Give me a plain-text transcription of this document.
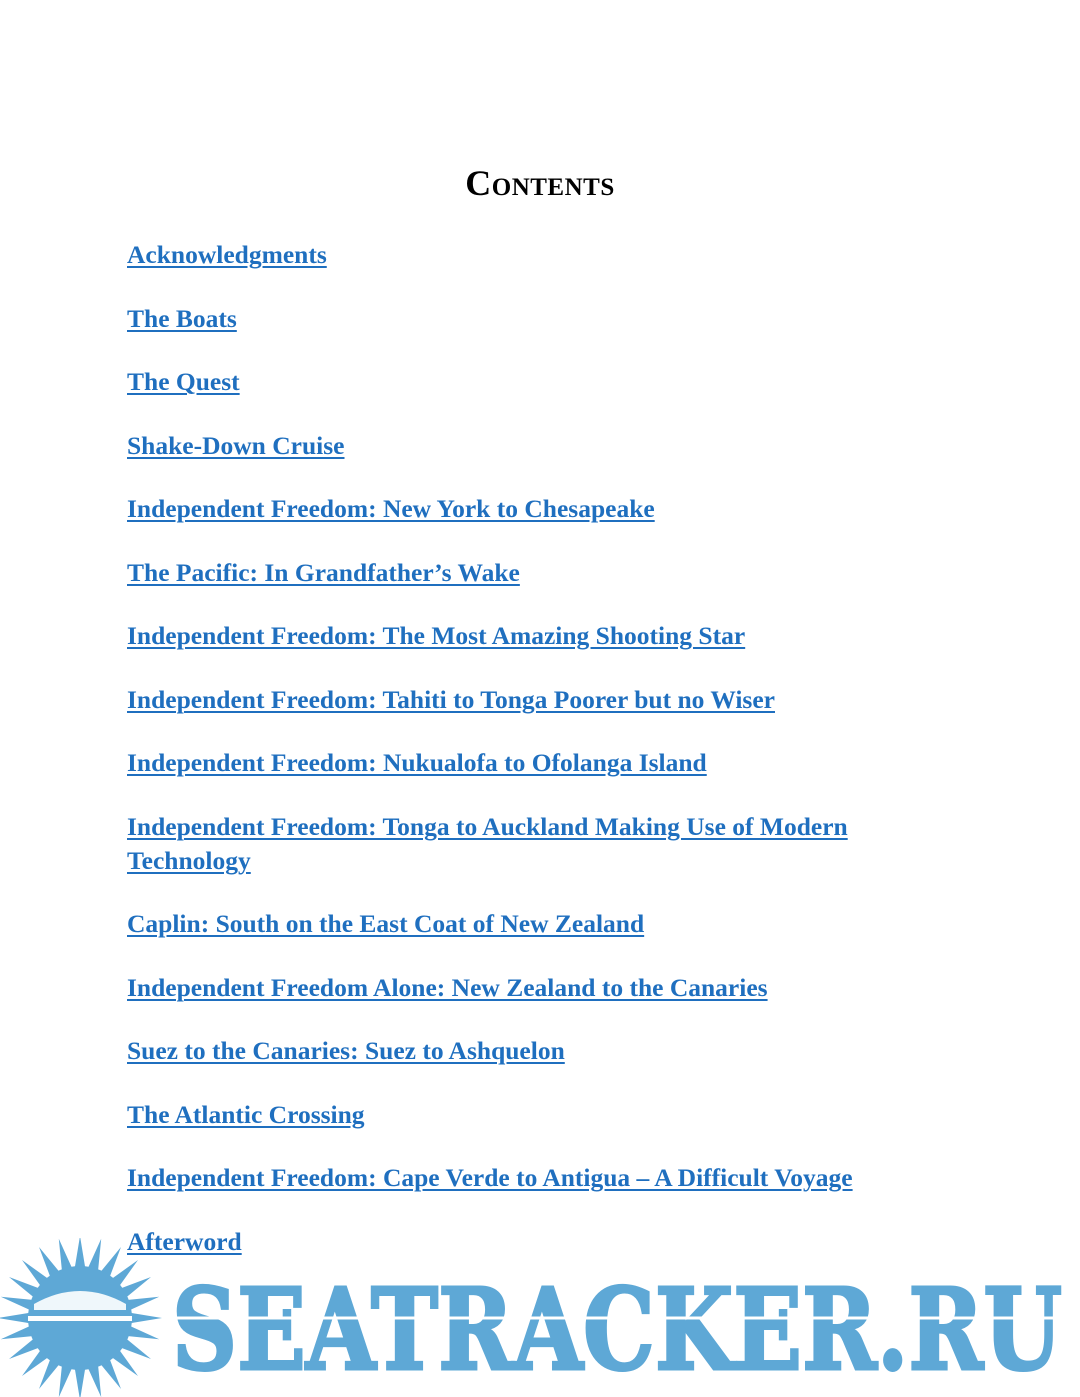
Contents
Acknowledgments
The Boats
The Quest
Shake-Down Cruise
Independent Freedom: New York to Chesapeake
The Pacific: In Grandfather’s Wake
Independent Freedom: The Most Amazing Shooting Star
Independent Freedom: Tahiti to Tonga Poorer but no Wiser
Independent Freedom: Nukualofa to Ofolanga Island
Independent Freedom: Tonga to Auckland Making Use of Modern Technology
Caplin: South on the East Coat of New Zealand
Independent Freedom Alone: New Zealand to the Canaries
Suez to the Canaries: Suez to Ashquelon
The Atlantic Crossing
Independent Freedom: Cape Verde to Antigua – A Difficult Voyage
Afterword
SEATRACKER.RU
